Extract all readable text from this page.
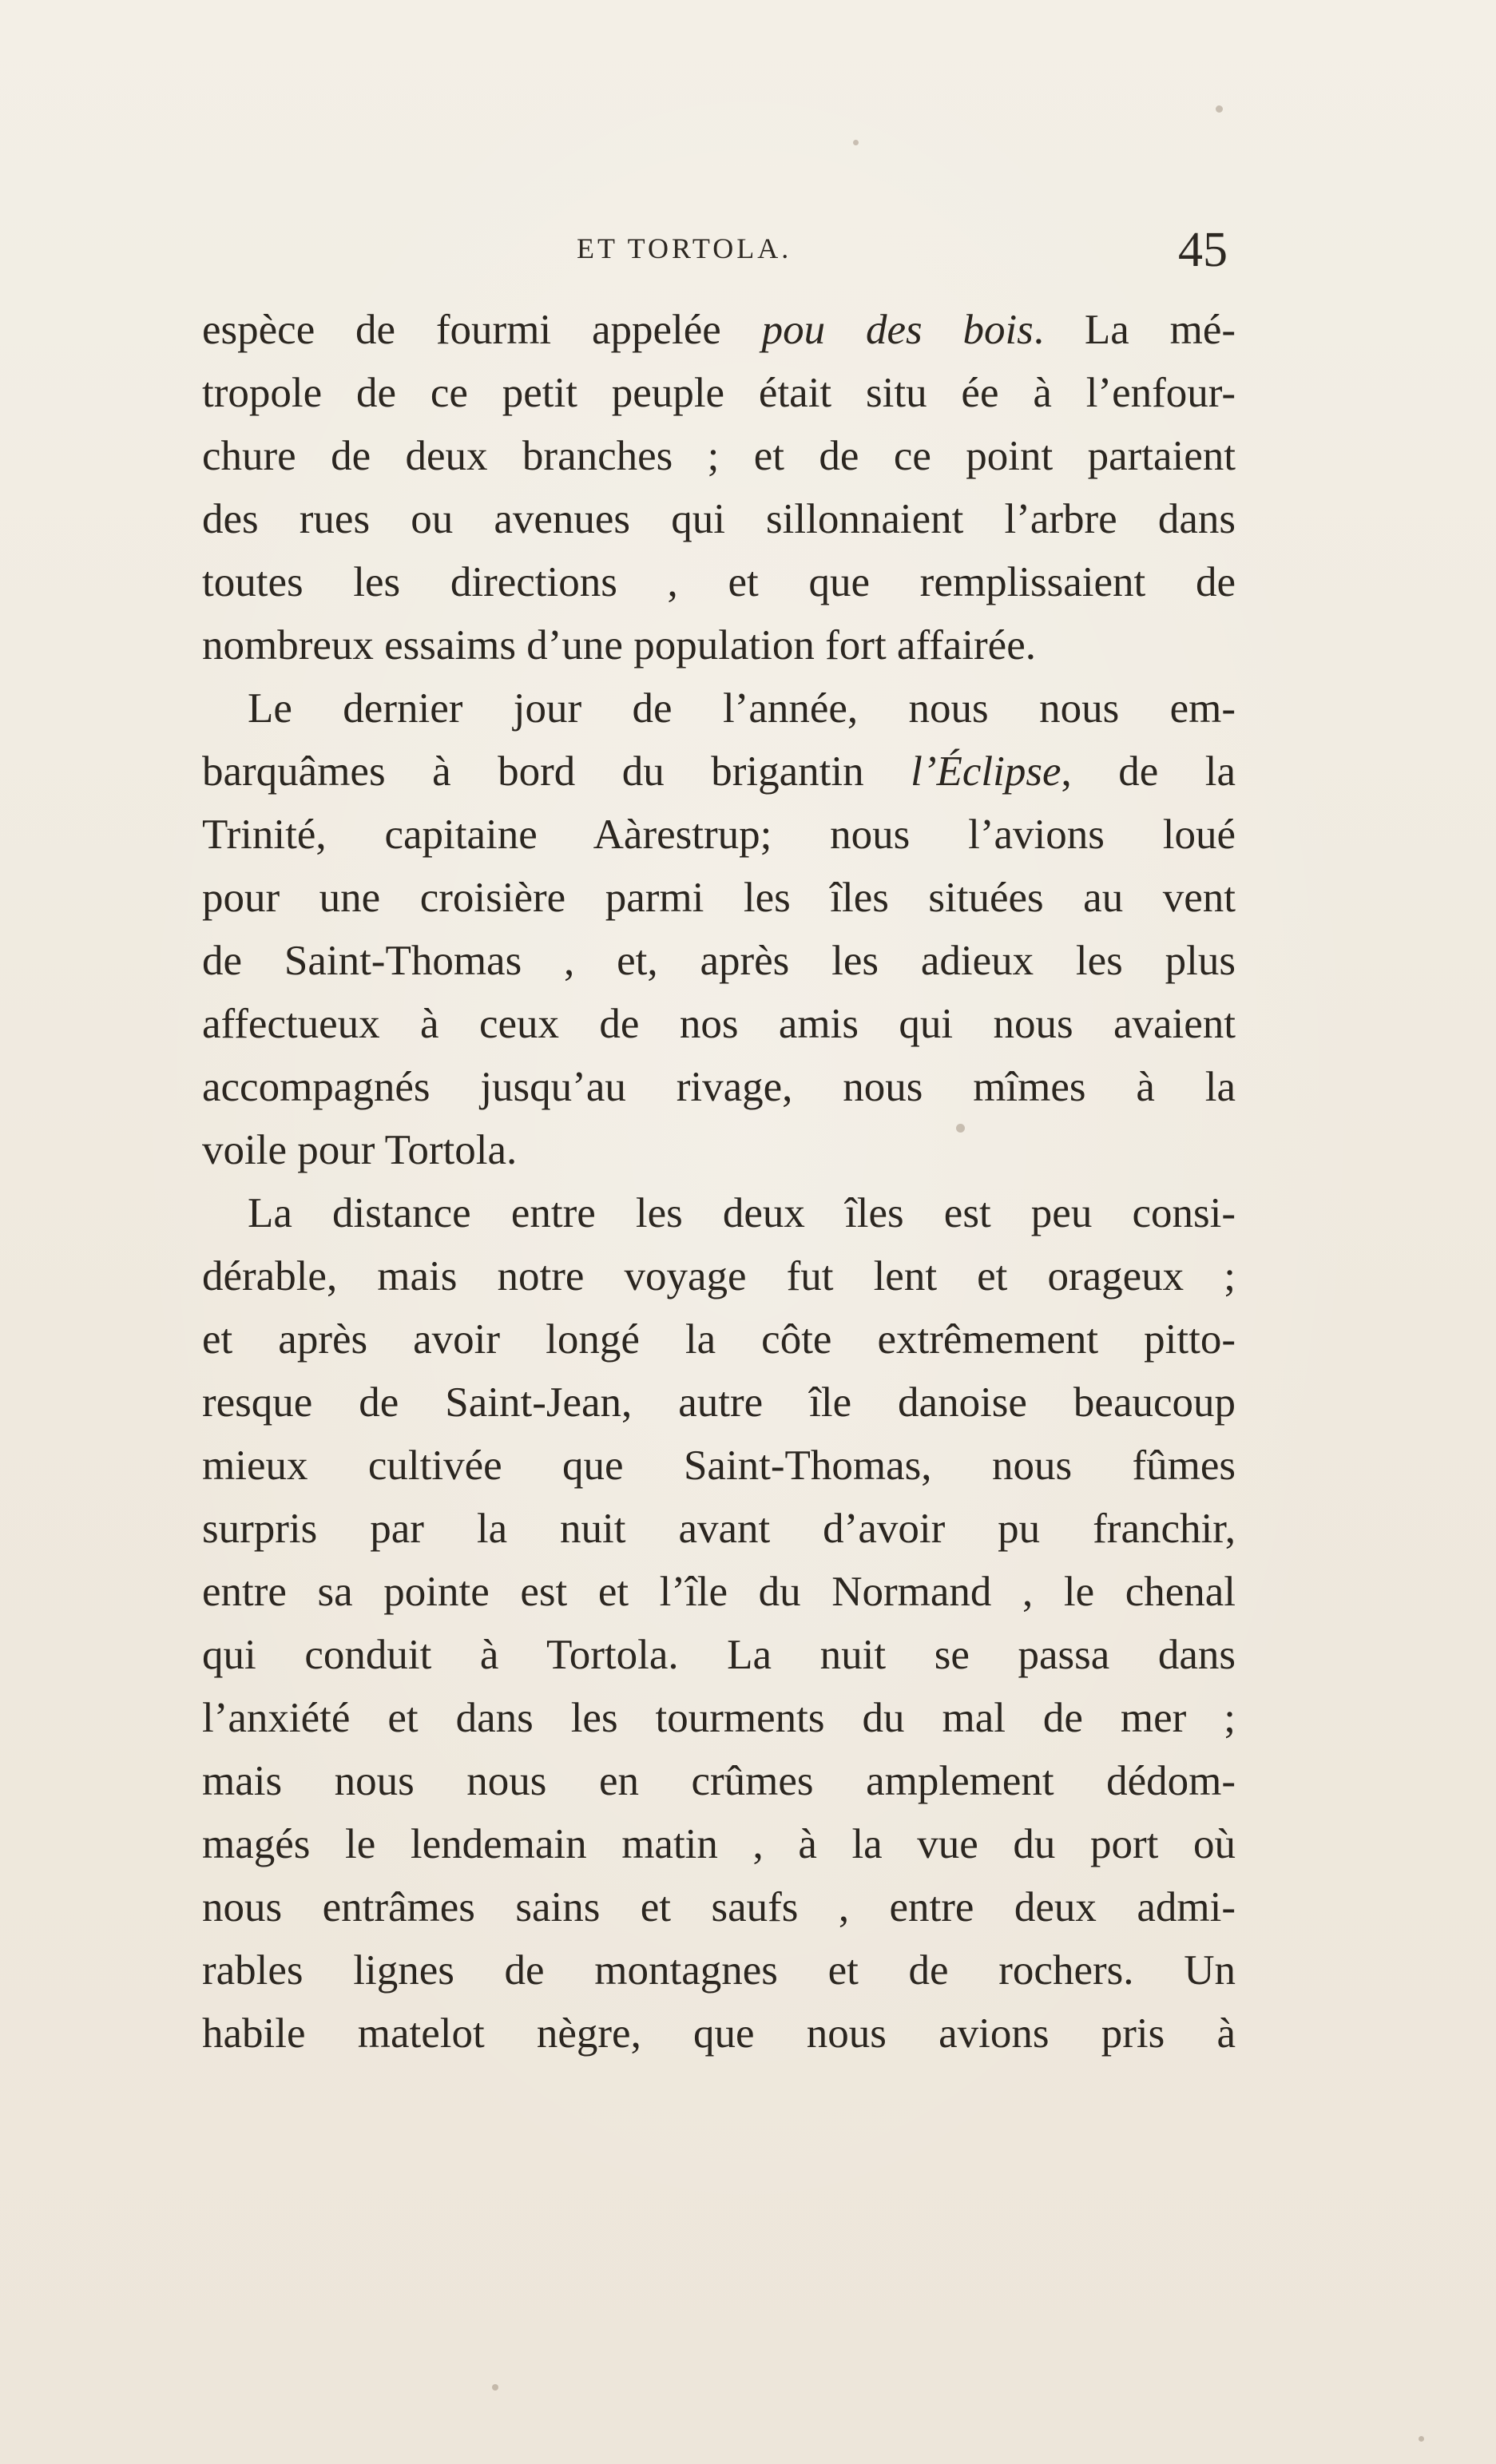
ET TORTOLA.	45
espèce de fourmi appelée pou des bois. La mé-
tropole de ce petit peuple était situ ée à l’enfour-
chure de deux branches ; et de ce point partaient
des rues ou avenues qui sillonnaient l’arbre dans
toutes les directions , et que remplissaient de
nombreux essaims d’une population fort affairée.
Le dernier jour de l’année, nous nous em-
barquâmes à bord du brigantin l’Éclipse, de la
Trinité, capitaine Aàrestrup; nous l’avions loué
pour une croisière parmi les îles situées au vent
de Saint-Thomas , et, après les adieux les plus
affectueux à ceux de nos amis qui nous avaient
accompagnés jusqu’au rivage, nous mîmes à la
voile pour Tortola.
La distance entre les deux îles est peu consi-
dérable, mais notre voyage fut lent et orageux ;
et après avoir longé la côte extrêmement pitto-
resque de Saint-Jean, autre île danoise beaucoup
mieux cultivée que Saint-Thomas, nous fûmes
surpris par la nuit avant d’avoir pu franchir,
entre sa pointe est et l’île du Normand , le chenal
qui conduit à Tortola. La nuit se passa dans
l’anxiété et dans les tourments du mal de mer ;
mais nous nous en crûmes amplement dédom-
magés le lendemain matin , à la vue du port où
nous entrâmes sains et saufs , entre deux admi-
rables lignes de montagnes et de rochers. Un
habile matelot nègre, que nous avions pris à
